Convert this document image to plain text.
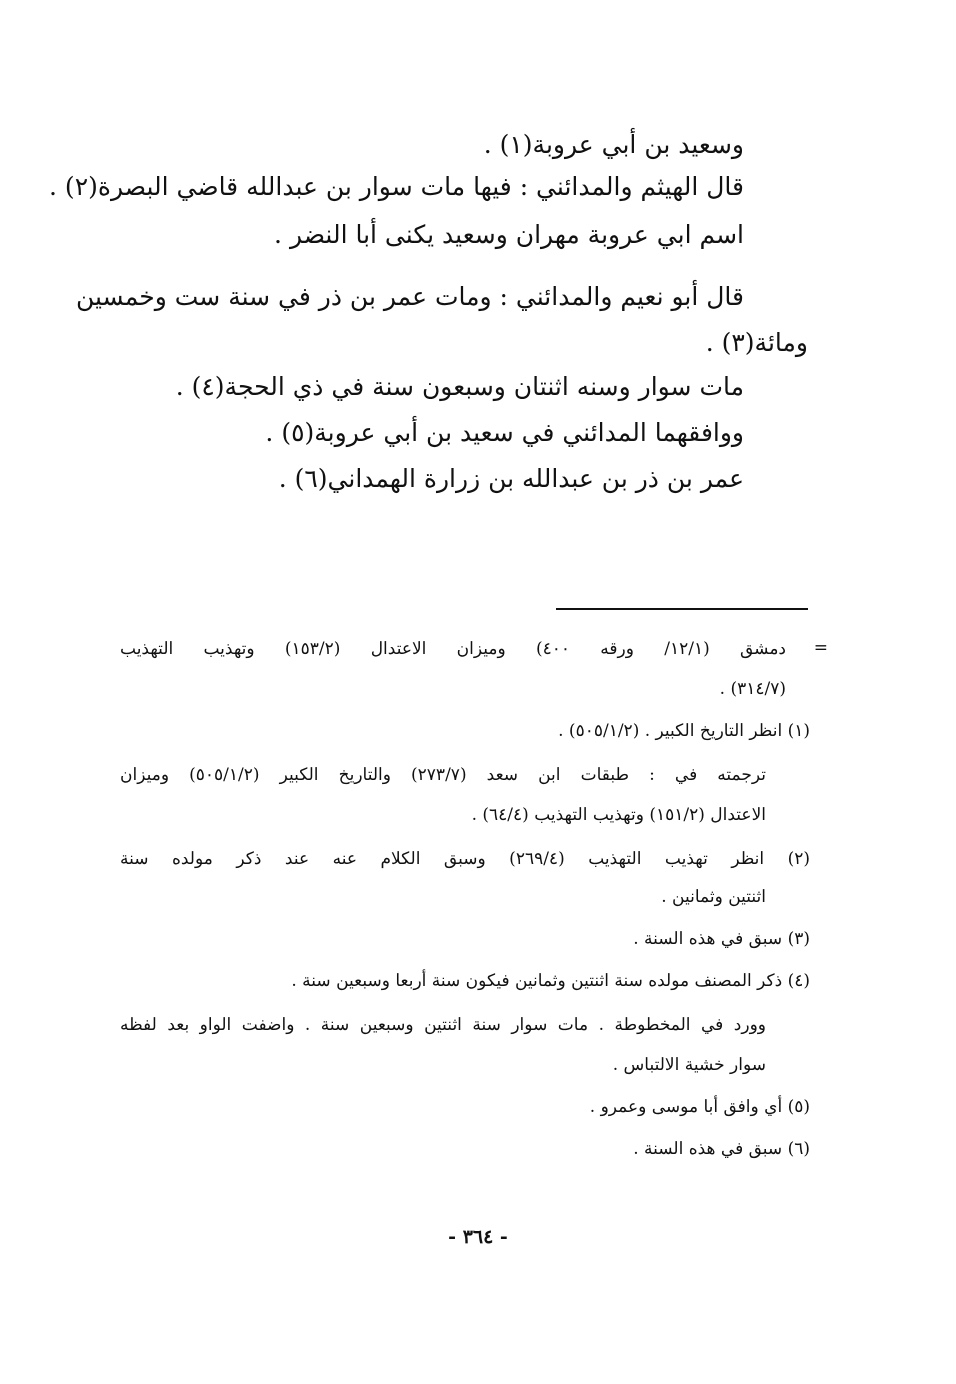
وسعيد بن أبي عروبة(١) .
قال الهيثم والمدائني : فيها مات سوار بن عبدالله قاضي البصرة(٢) .
اسم ابي عروبة مهران وسعيد يكنى أبا النضر .
قال أبو نعيم والمدائني : ومات عمر بن ذر في سنة ست وخمسين
ومائة(٣) .
مات سوار وسنه اثنتان وسبعون سنة في ذي الحجة(٤) .
ووافقهما المدائني في سعيد بن أبي عروبة(٥) .
عمر بن ذر بن عبدالله بن زرارة الهمداني(٦) .
=
دمشق (١٢/١/ ورقه ٤٠٠) وميزان الاعتدال (١٥٣/٢) وتهذيب التهذيب
(٣١٤/٧) .
(١) انظر التاريخ الكبير . (٥٠٥/١/٢) .
ترجمته في : طبقات ابن سعد (٢٧٣/٧) والتاريخ الكبير (٥٠٥/١/٢) وميزان
الاعتدال (١٥١/٢) وتهذيب التهذيب (٦٤/٤) .
(٢) انظر تهذيب التهذيب (٢٦٩/٤) وسبق الكلام عنه عند ذكر مولده سنة
اثنتين وثمانين .
(٣) سبق في هذه السنة .
(٤) ذكر المصنف مولده سنة اثنتين وثمانين فيكون سنة أربعا وسبعين سنة .
وورد في المخطوطة . مات سوار سنة اثنتين وسبعين سنة . واضفت الواو بعد لفظه
سوار خشية الالتباس .
(٥) أي وافق أبا موسى وعمرو .
(٦) سبق في هذه السنة .
- ٣٦٤ -
